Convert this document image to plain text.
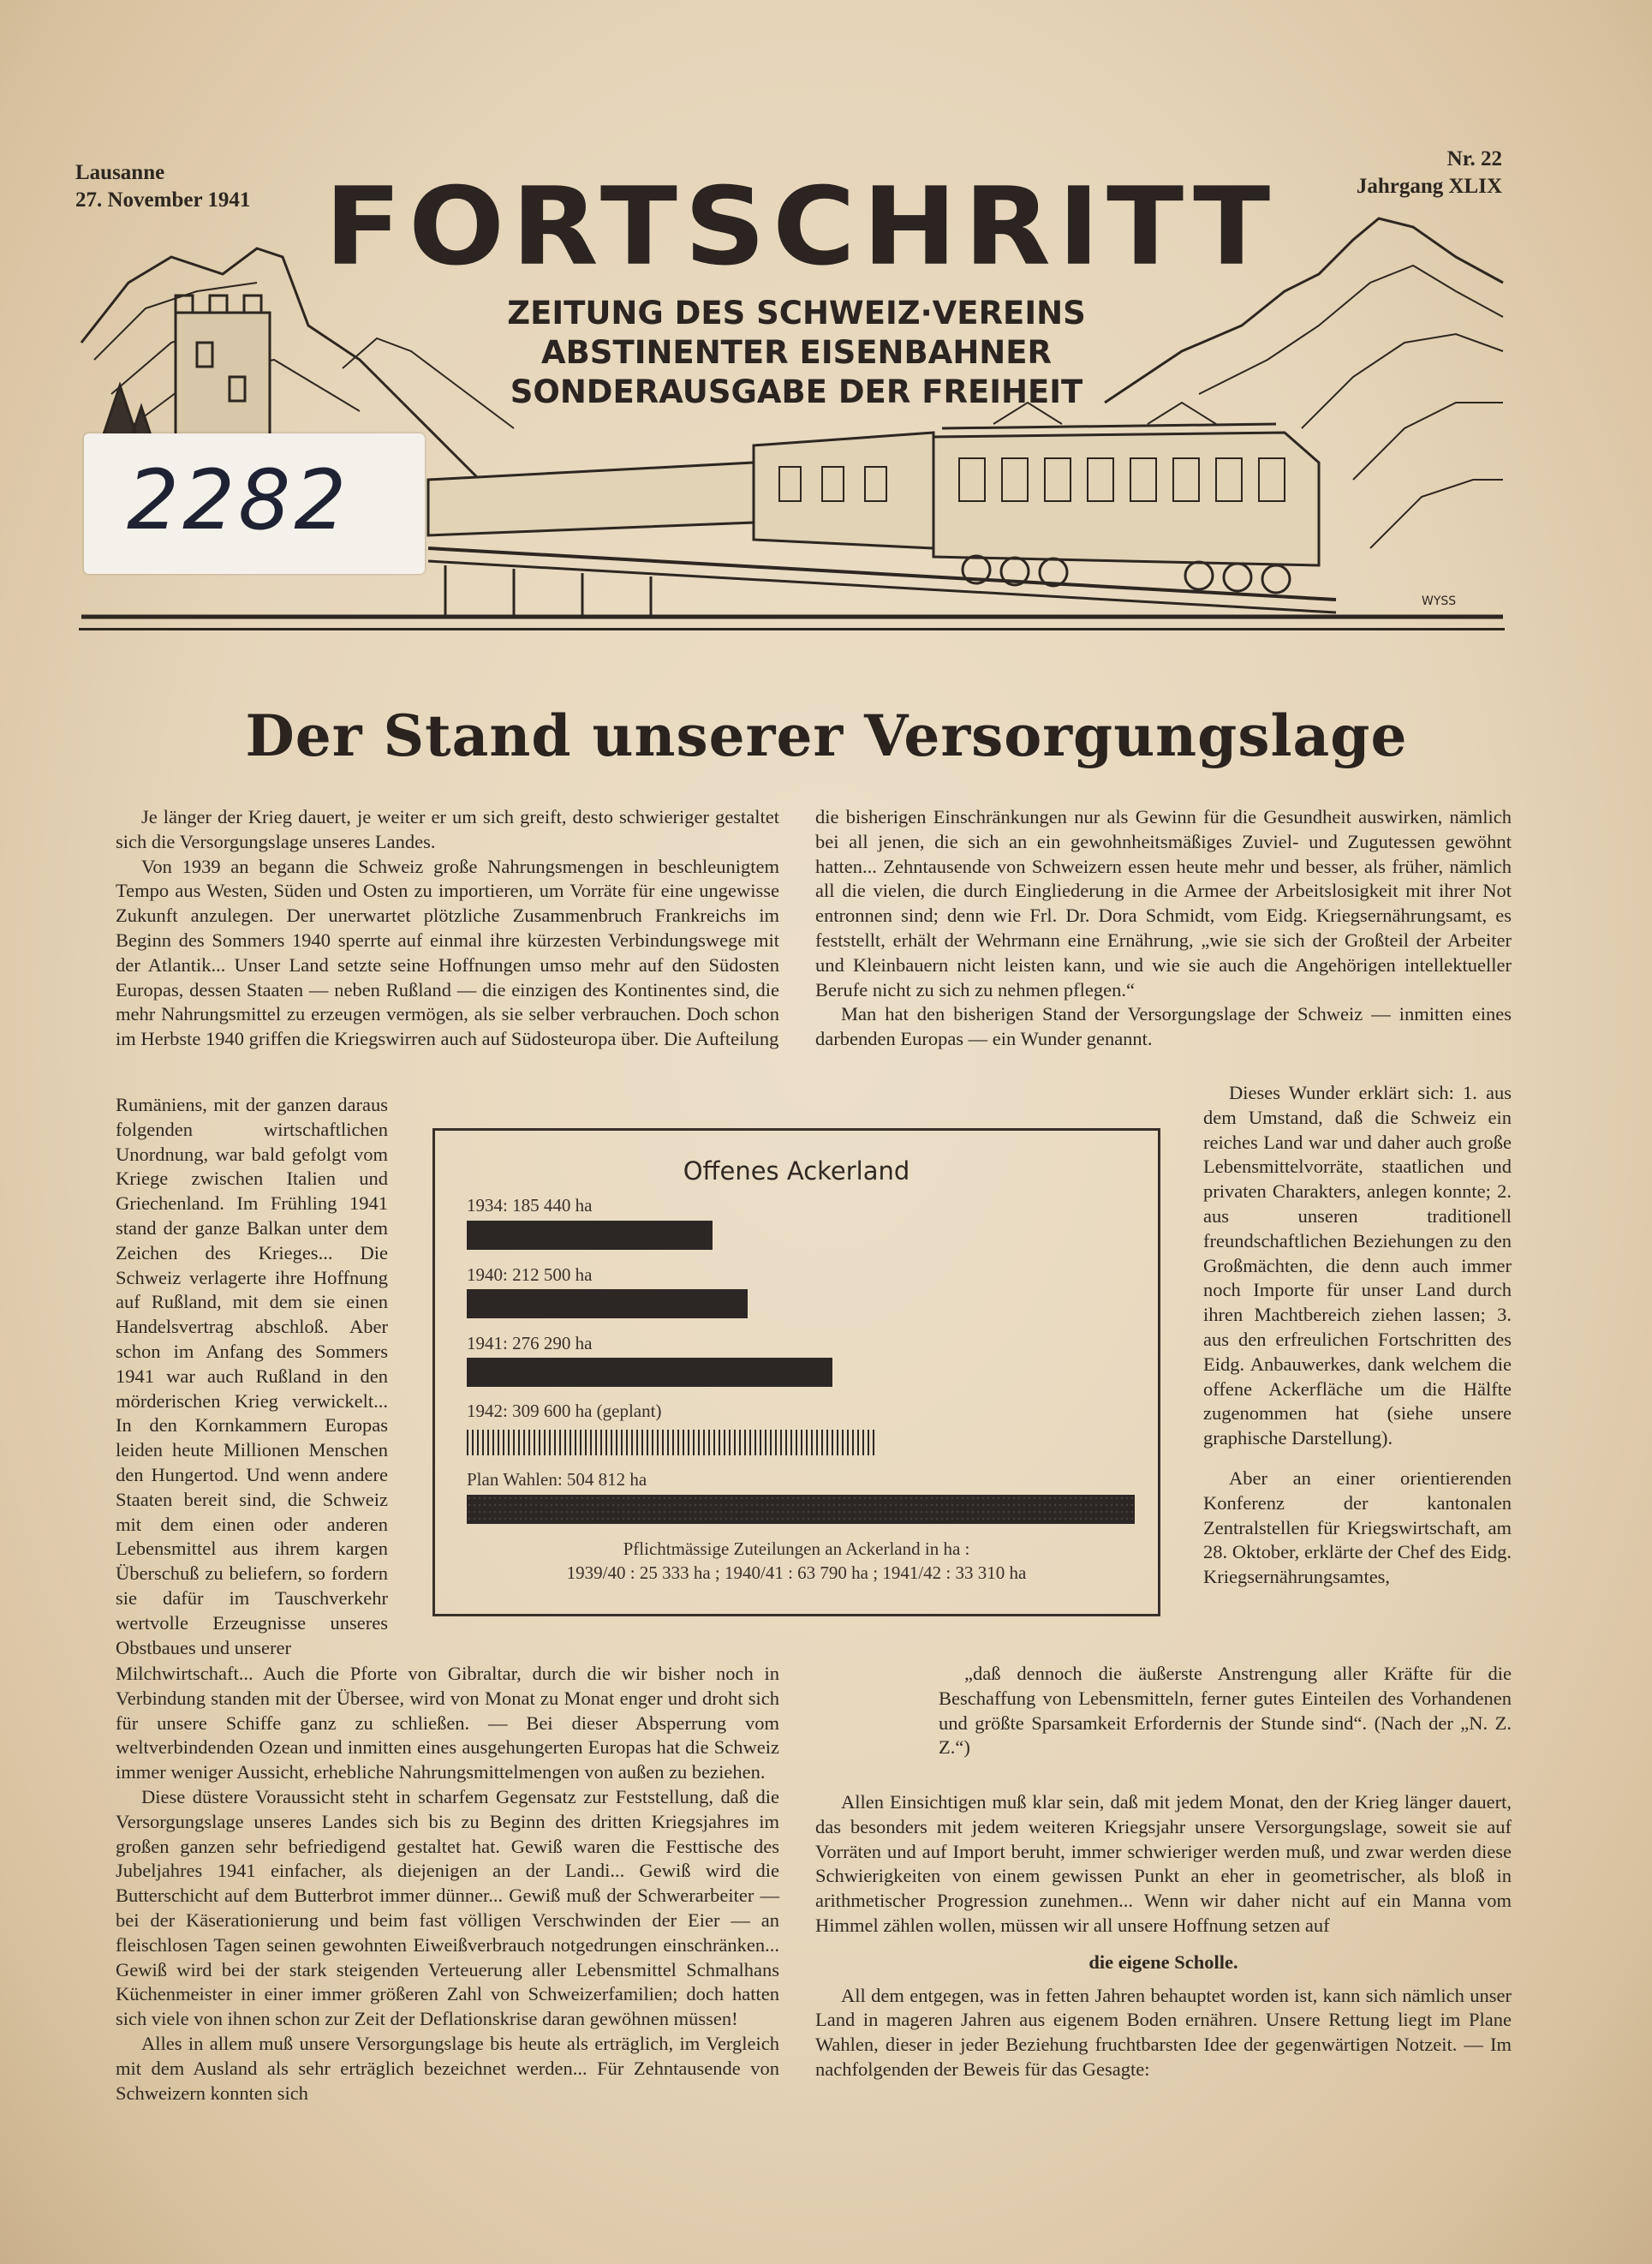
WYSS
Lausanne
27. November 1941
Nr. 22
Jahrgang XLIX
FORTSCHRITT
ZEITUNG DES SCHWEIZ·VEREINS
ABSTINENTER EISENBAHNER
SONDERAUSGABE DER FREIHEIT
2282
Der Stand unserer Versorgungslage

Je länger der Krieg dauert, je weiter er um sich greift, desto schwieriger gestaltet sich die Versorgungslage unseres Landes.

Von 1939 an begann die Schweiz große Nahrungsmengen in beschleunigtem Tempo aus Westen, Süden und Osten zu importieren, um Vorräte für eine ungewisse Zukunft anzulegen. Der unerwartet plötzliche Zusammenbruch Frankreichs im Beginn des Sommers 1940 sperrte auf einmal ihre kürzesten Verbindungswege mit der Atlantik... Unser Land setzte seine Hoffnungen umso mehr auf den Südosten Europas, dessen Staaten — neben Rußland — die einzigen des Kontinentes sind, die mehr Nahrungsmittel zu erzeugen vermögen, als sie selber verbrauchen. Doch schon im Herbste 1940 griffen die Kriegswirren auch auf Südosteuropa über. Die Aufteilung

Rumäniens, mit der ganzen daraus folgenden wirtschaftlichen Unordnung, war bald gefolgt vom Kriege zwischen Italien und Griechenland. Im Frühling 1941 stand der ganze Balkan unter dem Zeichen des Krieges... Die Schweiz verlagerte ihre Hoffnung auf Rußland, mit dem sie einen Handelsvertrag abschloß. Aber schon im Anfang des Sommers 1941 war auch Rußland in den mörderischen Krieg verwickelt... In den Kornkammern Europas leiden heute Millionen Menschen den Hungertod. Und wenn andere Staaten bereit sind, die Schweiz mit dem einen oder anderen Lebensmittel aus ihrem kargen Überschuß zu beliefern, so fordern sie dafür im Tauschverkehr wertvolle Erzeugnisse unseres Obstbaues und unserer

Milchwirtschaft... Auch die Pforte von Gibraltar, durch die wir bisher noch in Verbindung standen mit der Übersee, wird von Monat zu Monat enger und droht sich für unsere Schiffe ganz zu schließen. — Bei dieser Absperrung vom weltverbindenden Ozean und inmitten eines ausgehungerten Europas hat die Schweiz immer weniger Aussicht, erhebliche Nahrungsmittelmengen von außen zu beziehen.

Diese düstere Voraussicht steht in scharfem Gegensatz zur Feststellung, daß die Versorgungslage unseres Landes sich bis zu Beginn des dritten Kriegsjahres im großen ganzen sehr befriedigend gestaltet hat. Gewiß waren die Festtische des Jubeljahres 1941 einfacher, als diejenigen an der Landi... Gewiß wird die Butterschicht auf dem Butterbrot immer dünner... Gewiß muß der Schwerarbeiter — bei der Käserationierung und beim fast völligen Verschwinden der Eier — an fleischlosen Tagen seinen gewohnten Eiweißverbrauch notgedrungen einschränken... Gewiß wird bei der stark steigenden Verteuerung aller Lebensmittel Schmalhans Küchenmeister in einer immer größeren Zahl von Schweizerfamilien; doch hatten sich viele von ihnen schon zur Zeit der Deflationskrise daran gewöhnen müssen!

Alles in allem muß unsere Versorgungslage bis heute als erträglich, im Vergleich mit dem Ausland als sehr erträglich bezeichnet werden... Für Zehntausende von Schweizern konnten sich

die bisherigen Einschränkungen nur als Gewinn für die Gesundheit auswirken, nämlich bei all jenen, die sich an ein gewohnheitsmäßiges Zuviel- und Zugutessen gewöhnt hatten... Zehntausende von Schweizern essen heute mehr und besser, als früher, nämlich all die vielen, die durch Eingliederung in die Armee der Arbeitslosigkeit mit ihrer Not entronnen sind; denn wie Frl. Dr. Dora Schmidt, vom Eidg. Kriegsernährungsamt, es feststellt, erhält der Wehrmann eine Ernährung, „wie sie sich der Großteil der Arbeiter und Kleinbauern nicht leisten kann, und wie sie auch die Angehörigen intellektueller Berufe nicht zu sich zu nehmen pflegen.“

Man hat den bisherigen Stand der Versorgungslage der Schweiz — inmitten eines darbenden Europas — ein Wunder genannt.

Dieses Wunder erklärt sich: 1. aus dem Umstand, daß die Schweiz ein reiches Land war und daher auch große Lebensmittelvorräte, staatlichen und privaten Charakters, anlegen konnte; 2. aus unseren traditionell freundschaftlichen Beziehungen zu den Großmächten, die denn auch immer noch Importe für unser Land durch ihren Machtbereich ziehen lassen; 3. aus den erfreulichen Fortschritten des Eidg. Anbauwerkes, dank welchem die offene Ackerfläche um die Hälfte zugenommen hat (siehe unsere graphische Darstellung).

Aber an einer orientierenden Konferenz der kantonalen Zentralstellen für Kriegswirtschaft, am 28. Oktober, erklärte der Chef des Eidg. Kriegsernährungsamtes,

„daß dennoch die äußerste Anstrengung aller Kräfte für die Beschaffung von Lebensmitteln, ferner gutes Einteilen des Vorhandenen und größte Sparsamkeit Erfordernis der Stunde sind“. (Nach der „N. Z. Z.“)

Allen Einsichtigen muß klar sein, daß mit jedem Monat, den der Krieg länger dauert, das besonders mit jedem weiteren Kriegsjahr unsere Versorgungslage, soweit sie auf Vorräten und auf Import beruht, immer schwieriger werden muß, und zwar werden diese Schwierigkeiten von einem gewissen Punkt an eher in geometrischer, als bloß in arithmetischer Progression zunehmen... Wenn wir daher nicht auf ein Manna vom Himmel zählen wollen, müssen wir all unsere Hoffnung setzen auf

die eigene Scholle.

All dem entgegen, was in fetten Jahren behauptet worden ist, kann sich nämlich unser Land in mageren Jahren aus eigenem Boden ernähren. Unsere Rettung liegt im Plane Wahlen, dieser in jeder Beziehung fruchtbarsten Idee der gegenwärtigen Notzeit. — Im nachfolgenden der Beweis für das Gesagte:

Offenes Ackerland
Pflichtmässige Zuteilungen an Ackerland in ha :
1939/40 : 25 333 ha ; 1940/41 : 63 790 ha ; 1941/42 : 33 310 ha
1934: 185 440 ha
1940: 212 500 ha
1941: 276 290 ha
1942: 309 600 ha (geplant)
Plan Wahlen: 504 812 ha
